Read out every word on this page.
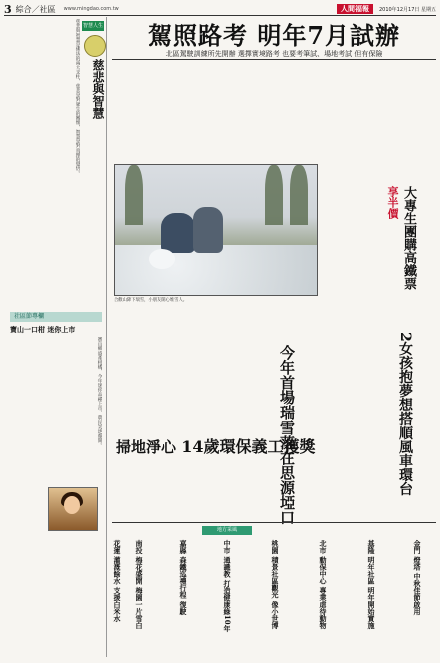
3 綜合／社區 www.mingdao.com.tw	人間福報	2010年12月17日 星期五
智慧人生
慈悲與智慧
慈悲與智慧是佛法的兩大支柱，慈悲是對眾生的關懷，智慧是對真理的覺悟。
社區節專欄
寶山一口柑 迷你上市
寶山鄉盛產柑橘，今年迷你品種上市，農民笑逐顏開。
駕照路考 明年7月試辦
北區駕駛訓練所先開辦 選擇實境路考 也要考筆試、場地考試 但有保險
合歡山降下瑞雪，小朋友開心堆雪人。
大專生團購高鐵票
享半價
2女孩抱夢想搭順風車環台
今年首場瑞雪落在思源埡口
掃地淨心 14歲環保義工獲獎
地方采風
金門 燈塔 中秋佳節啟用
基隆 明年社區 明年開始實施
北市 動保中心 專業虐待動物
桃園 積景社區觀光 像小世博
中市 通識教 打造健康綠10年
嘉縣 森鐵巡禮行程 復駛
南投 梅花盛開 梅園一片雪白
花蓮 灌溉餘水 支援白米水
